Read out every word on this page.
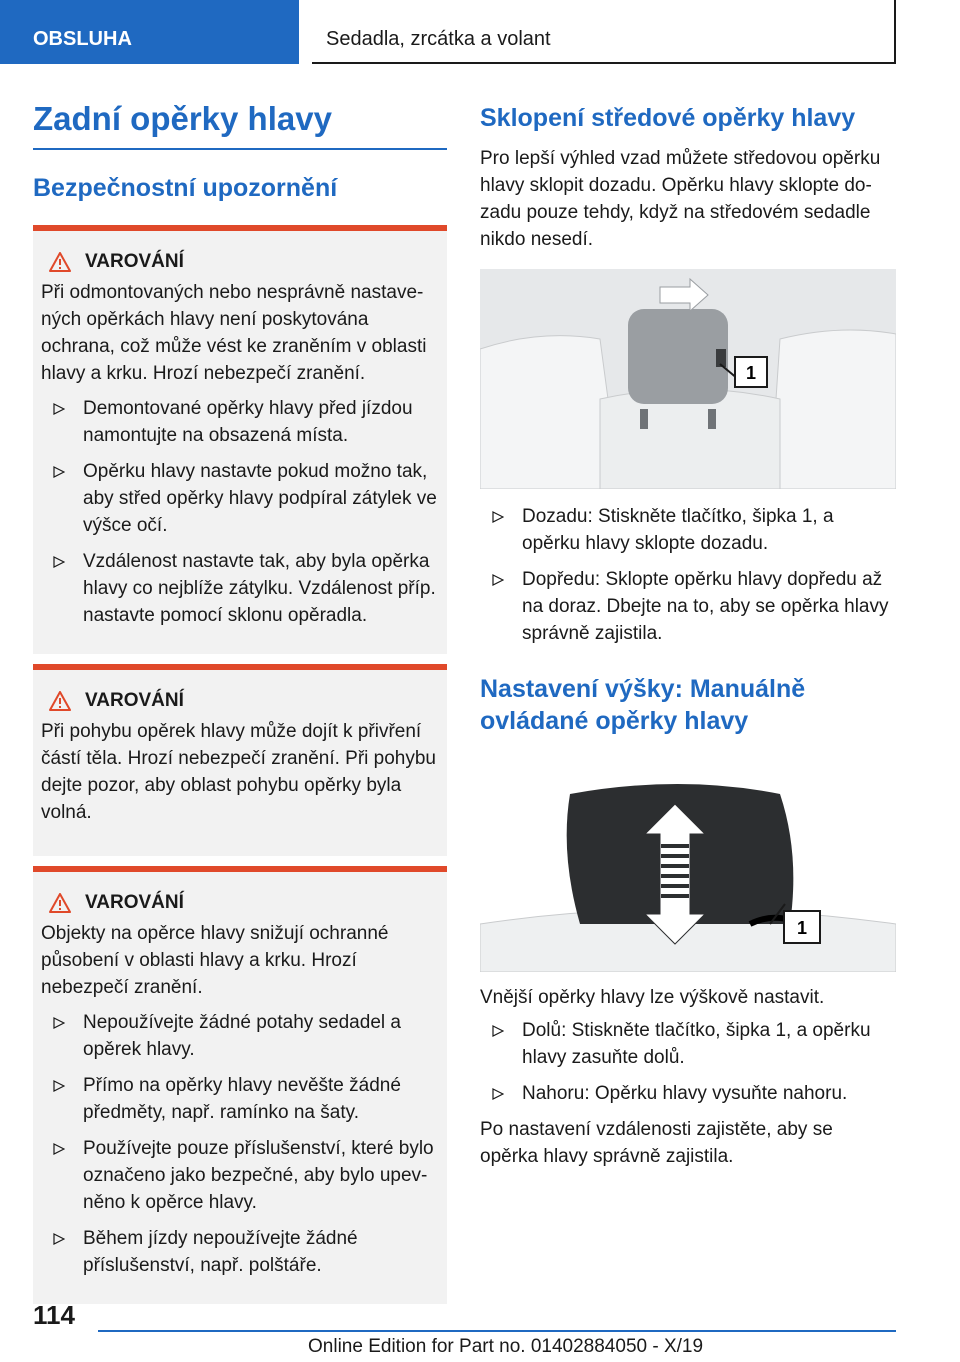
OBSLUHA	Sedadla, zrcátka a volant
Zadní opěrky hlavy
Bezpečnostní upozornění
VAROVÁNÍ

Při odmontovaných nebo nesprávně nastavených opěrkách hlavy není poskytována ochrana, což může vést ke zraněním v oblasti hlavy a krku. Hrozí nebezpečí zranění.

Demontované opěrky hlavy před jízdou namontujte na obsazená místa.
Opěrku hlavy nastavte pokud možno tak, aby střed opěrky hlavy podpíral zátylek ve výšce očí.
Vzdálenost nastavte tak, aby byla opěrka hlavy co nejblíže zátylku. Vzdálenost příp. nastavte pomocí sklonu opěradla.
VAROVÁNÍ

Při pohybu opěrek hlavy může dojít k přivření částí těla. Hrozí nebezpečí zranění. Při pohybu dejte pozor, aby oblast pohybu opěrky byla volná.

VAROVÁNÍ

Objekty na opěrce hlavy snižují ochranné působení v oblasti hlavy a krku. Hrozí nebezpečí zranění.

Nepoužívejte žádné potahy sedadel a opěrek hlavy.
Přímo na opěrky hlavy nevěšte žádné předměty, např. ramínko na šaty.
Používejte pouze příslušenství, které bylo označeno jako bezpečné, aby bylo upevněno k opěrce hlavy.
Během jízdy nepoužívejte žádné příslušenství, např. polštáře.
Sklopení středové opěrky hlavy

Pro lepší výhled vzad můžete středovou opěrku hlavy sklopit dozadu. Opěrku hlavy sklopte dozadu pouze tehdy, když na středovém sedadle nikdo nesedí.

1
Dozadu: Stiskněte tlačítko, šipka 1, a opěrku hlavy sklopte dozadu.
Dopředu: Sklopte opěrku hlavy dopředu až na doraz. Dbejte na to, aby se opěrka hlavy správně zajistila.
Nastavení výšky: Manuálně ovládané opěrky hlavy
1

Vnější opěrky hlavy lze výškově nastavit.

Dolů: Stiskněte tlačítko, šipka 1, a opěrku hlavy zasuňte dolů.
Nahoru: Opěrku hlavy vysuňte nahoru.

Po nastavení vzdálenosti zajistěte, aby se opěrka hlavy správně zajistila.

114
Online Edition for Part no. 01402884050 - X/19
